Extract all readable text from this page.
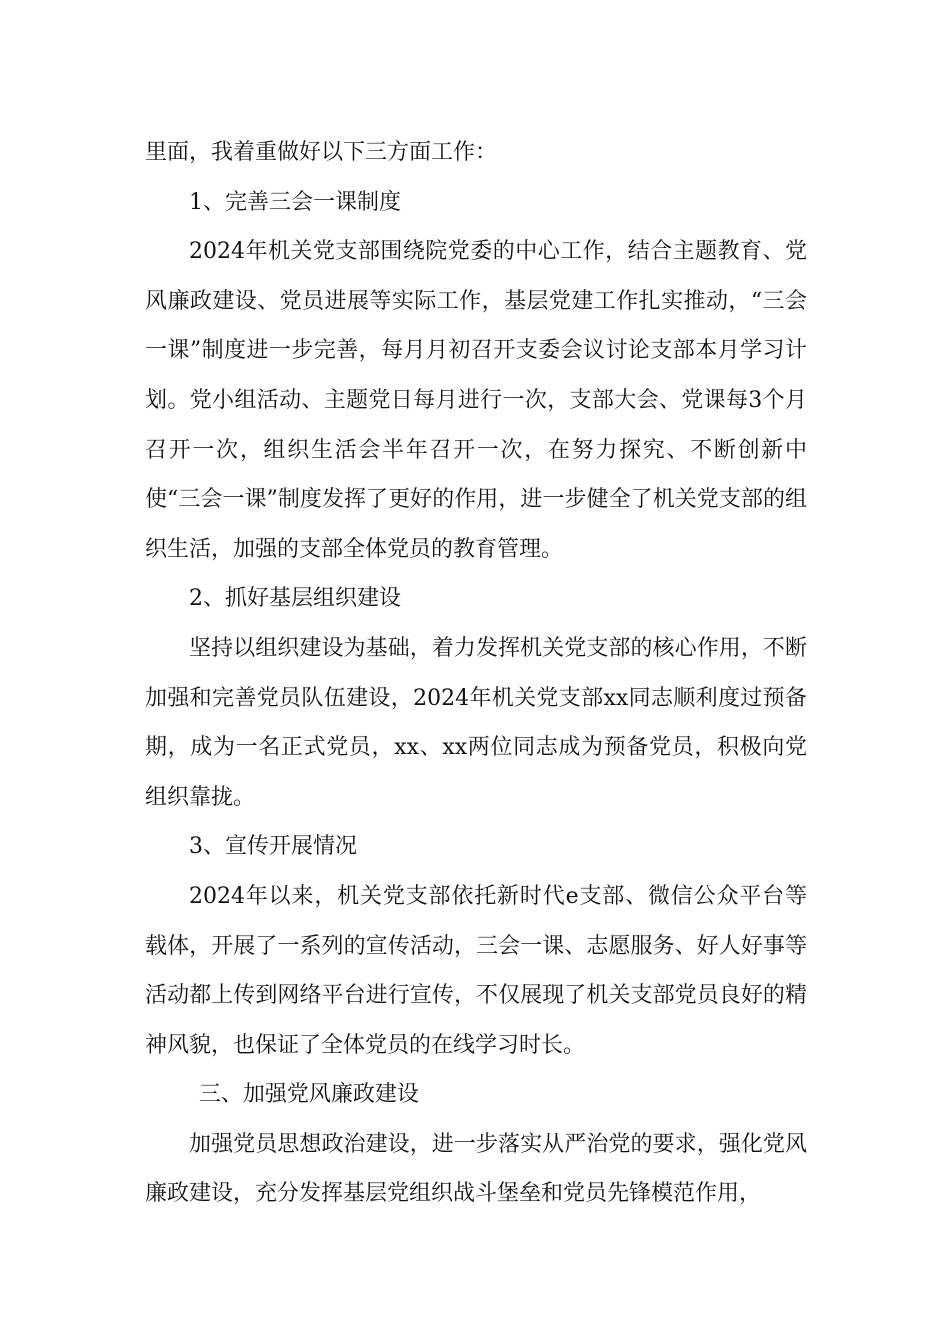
里面，我着重做好以下三方面工作：

1、完善三会一课制度

2024年机关党支部围绕院党委的中心工作，结合主题教育、党风廉政建设、党员进展等实际工作，基层党建工作扎实推动，“三会一课”制度进一步完善，每月月初召开支委会议讨论支部本月学习计划。党小组活动、主题党日每月进行一次，支部大会、党课每3个月召开一次，组织生活会半年召开一次，在努力探究、不断创新中使“三会一课”制度发挥了更好的作用，进一步健全了机关党支部的组织生活，加强的支部全体党员的教育管理。

2、抓好基层组织建设

坚持以组织建设为基础，着力发挥机关党支部的核心作用，不断加强和完善党员队伍建设，2024年机关党支部xx同志顺利度过预备期，成为一名正式党员，xx、xx两位同志成为预备党员，积极向党组织靠拢。

3、宣传开展情况

2024年以来，机关党支部依托新时代e支部、微信公众平台等载体，开展了一系列的宣传活动，三会一课、志愿服务、好人好事等活动都上传到网络平台进行宣传，不仅展现了机关支部党员良好的精神风貌，也保证了全体党员的在线学习时长。

三、加强党风廉政建设

加强党员思想政治建设，进一步落实从严治党的要求，强化党风廉政建设，充分发挥基层党组织战斗堡垒和党员先锋模范作用，
